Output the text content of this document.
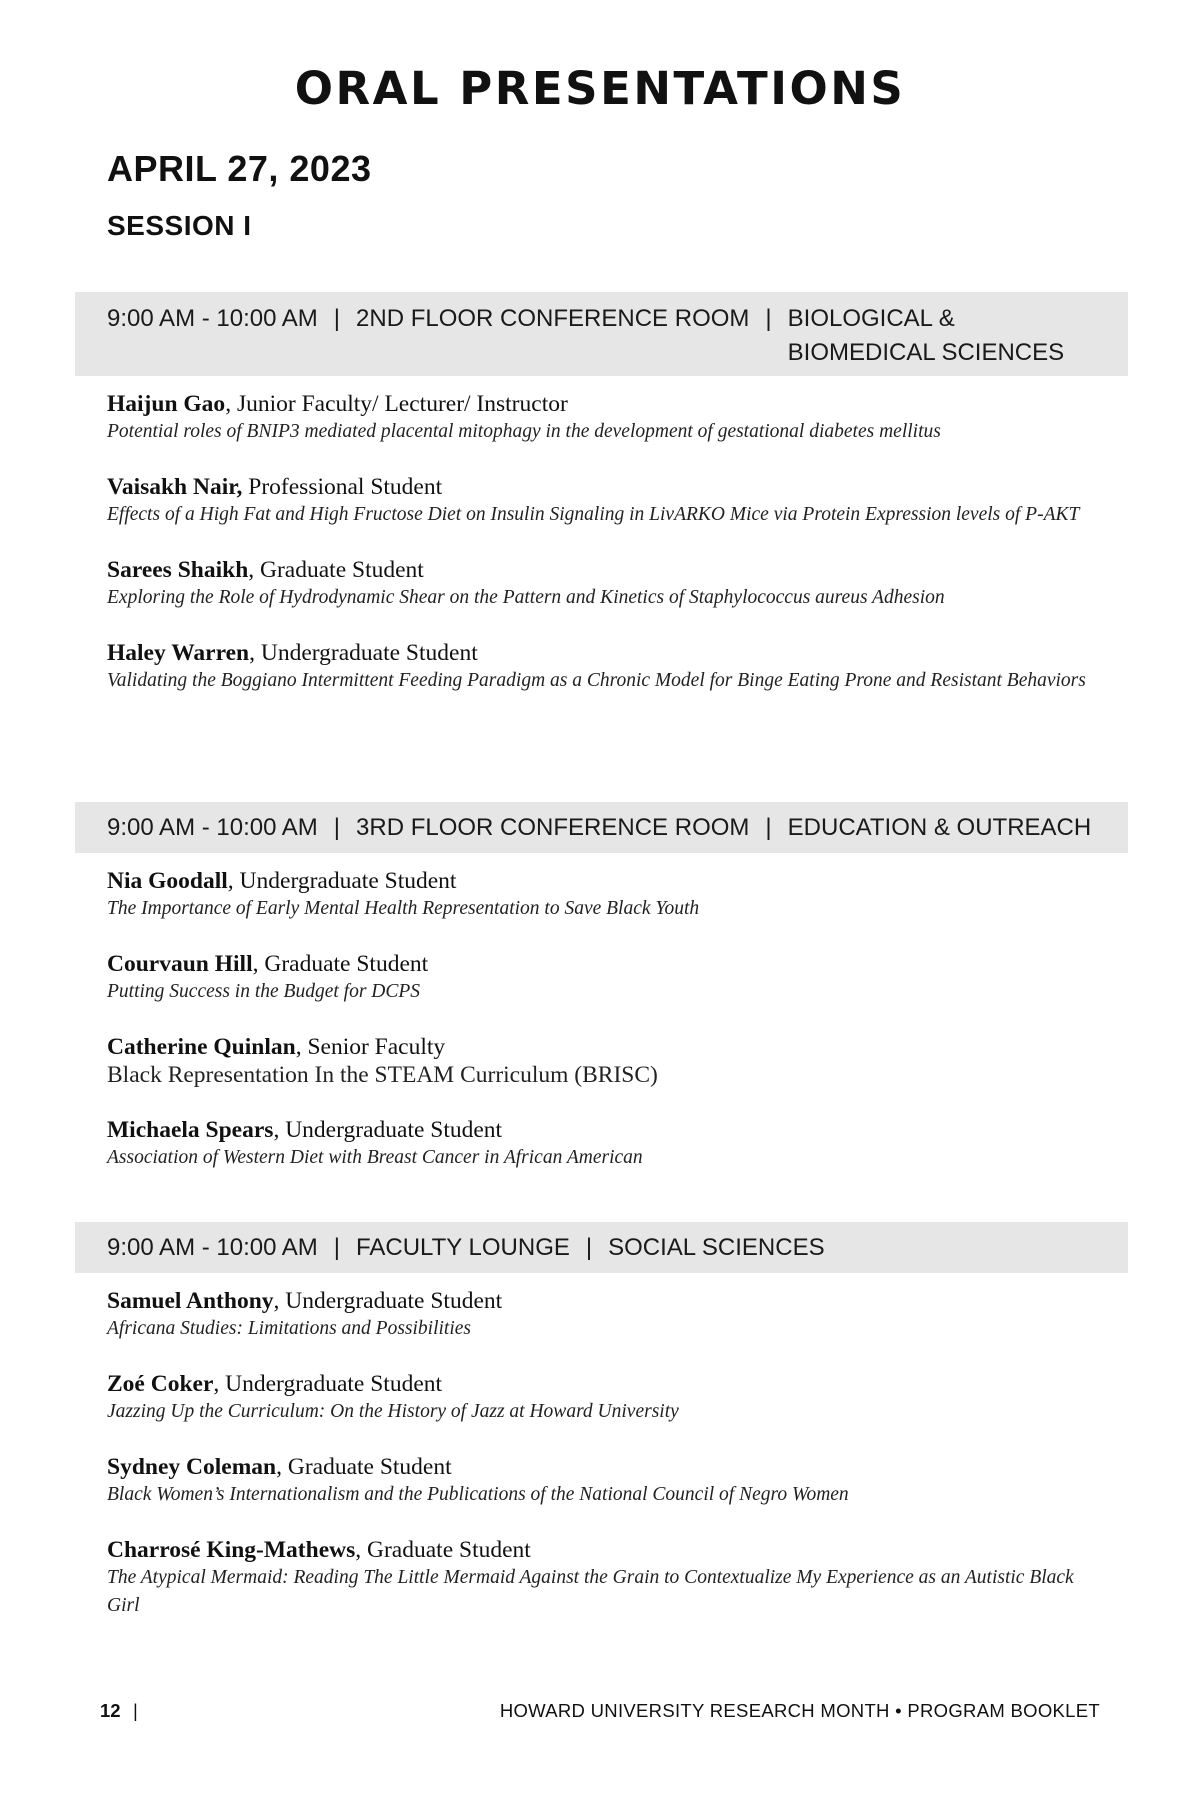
ORAL PRESENTATIONS
APRIL 27, 2023
SESSION I
9:00 AM - 10:00 AM | 2ND FLOOR CONFERENCE ROOM | BIOLOGICAL & BIOMEDICAL SCIENCES
Haijun Gao, Junior Faculty/ Lecturer/ Instructor
Potential roles of BNIP3 mediated placental mitophagy in the development of gestational diabetes mellitus
Vaisakh Nair, Professional Student
Effects of a High Fat and High Fructose Diet on Insulin Signaling in LivARKO Mice via Protein Expression levels of P-AKT
Sarees Shaikh, Graduate Student
Exploring the Role of Hydrodynamic Shear on the Pattern and Kinetics of Staphylococcus aureus Adhesion
Haley Warren, Undergraduate Student
Validating the Boggiano Intermittent Feeding Paradigm as a Chronic Model for Binge Eating Prone and Resistant Behaviors
9:00 AM - 10:00 AM | 3RD FLOOR CONFERENCE ROOM | EDUCATION & OUTREACH
Nia Goodall, Undergraduate Student
The Importance of Early Mental Health Representation to Save Black Youth
Courvaun Hill, Graduate Student
Putting Success in the Budget for DCPS
Catherine Quinlan, Senior Faculty
Black Representation In the STEAM Curriculum (BRISC)
Michaela Spears, Undergraduate Student
Association of Western Diet with Breast Cancer in African American
9:00 AM - 10:00 AM | FACULTY LOUNGE | SOCIAL SCIENCES
Samuel Anthony, Undergraduate Student
Africana Studies: Limitations and Possibilities
Zoé Coker, Undergraduate Student
Jazzing Up the Curriculum: On the History of Jazz at Howard University
Sydney Coleman, Graduate Student
Black Women’s Internationalism and the Publications of the National Council of Negro Women
Charrosé King-Mathews, Graduate Student
The Atypical Mermaid: Reading The Little Mermaid Against the Grain to Contextualize My Experience as an Autistic Black Girl
12 |	HOWARD UNIVERSITY RESEARCH MONTH • PROGRAM BOOKLET
